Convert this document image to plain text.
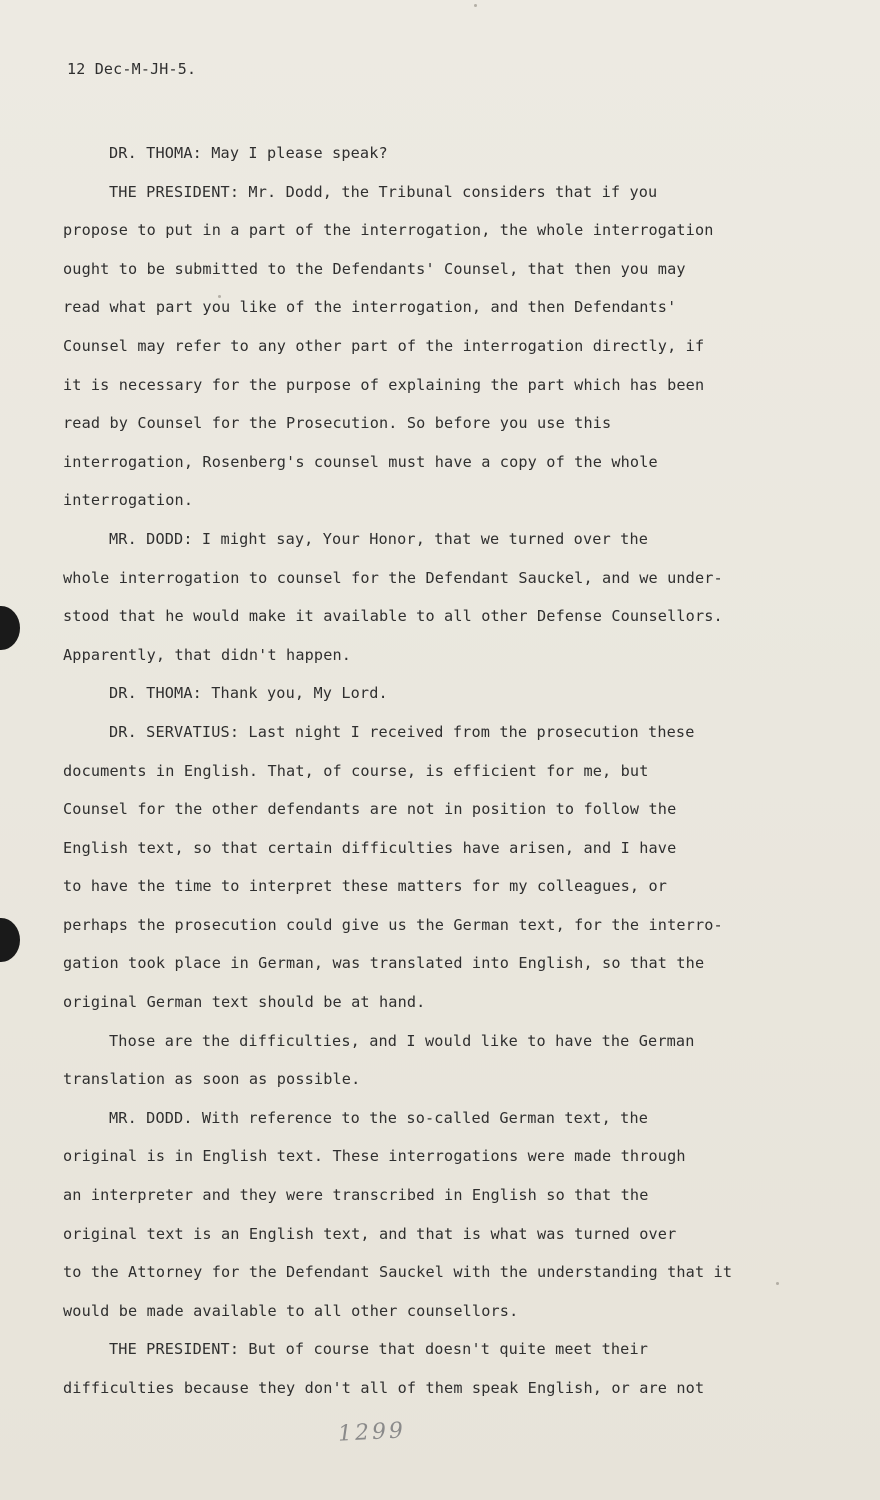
12 Dec-M-JH-5.
DR. THOMA: May I please speak?
THE PRESIDENT: Mr. Dodd, the Tribunal considers that if you
propose to put in a part of the interrogation, the whole interrogation
ought to be submitted to the Defendants' Counsel, that then you may
read what part you like of the interrogation, and then Defendants'
Counsel may refer to any other part of the interrogation directly, if
it is necessary for the purpose of explaining the part which has been
read by Counsel for the Prosecution. So before you use this
interrogation, Rosenberg's counsel must have a copy of the whole
interrogation.
MR. DODD: I might say, Your Honor, that we turned over the
whole interrogation to counsel for the Defendant Sauckel, and we under-
stood that he would make it available to all other Defense Counsellors.
Apparently, that didn't happen.
DR. THOMA: Thank you, My Lord.
DR. SERVATIUS: Last night I received from the prosecution these
documents in English. That, of course, is efficient for me, but
Counsel for the other defendants are not in position to follow the
English text, so that certain difficulties have arisen, and I have
to have the time to interpret these matters for my colleagues, or
perhaps the prosecution could give us the German text, for the interro-
gation took place in German, was translated into English, so that the
original German text should be at hand.
Those are the difficulties, and I would like to have the German
translation as soon as possible.
MR. DODD. With reference to the so-called German text, the
original is in English text. These interrogations were made through
an interpreter and they were transcribed in English so that the
original text is an English text, and that is what was turned over
to the Attorney for the Defendant Sauckel with the understanding that it
would be made available to all other counsellors.
THE PRESIDENT: But of course that doesn't quite meet their
difficulties because they don't all of them speak English, or are not
1299
